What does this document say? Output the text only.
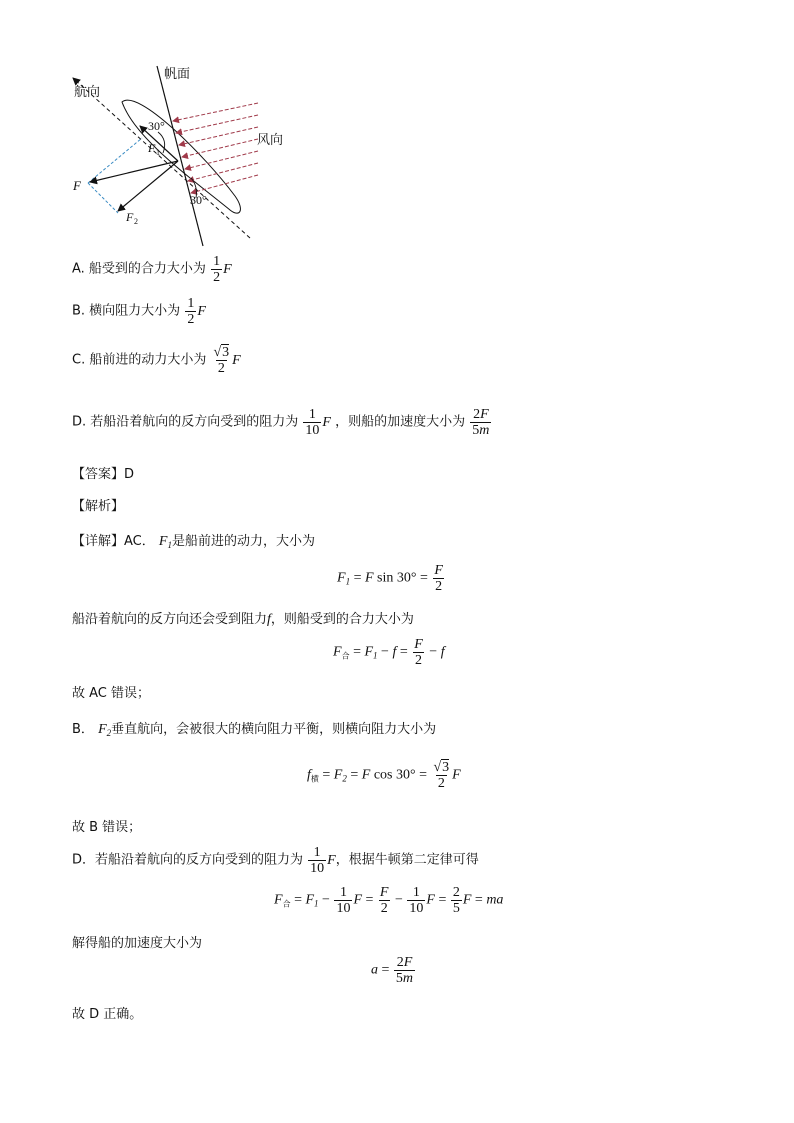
航向
帆面
风向
30°
30°
F
F 1
F 2
A. 船受到的合力大小为 $\frac{1}{2}$ F
B. 横向阻力大小为 $\frac{1}{2}$ F
C. 船前进的动力大小为 $\frac{√3}{2}$ F
D. 若船沿着航向的反方向受到的阻力为 $\frac{1}{10}$ F ，则船的加速度大小为 $\frac{2F}{5m}$
【答案】D
【解析】
【详解】AC． $F_1$是船前进的动力，大小为
$F_1 = F$ $\sin 30^\circ = \frac{F}{2}$
船沿着航向的反方向还会受到阻力f，则船受到的合力大小为
$F_合 = F_1 - f = \frac{F}{2} - f$
故 AC 错误；
B． $F_2$垂直航向，会被很大的横向阻力平衡，则横向阻力大小为
$f_横 = F_2 = F$ $\cos 30^\circ = \frac{√3}{2}$ F
故 B 错误；
D．若船沿着航向的反方向受到的阻力为 $\frac{1}{10}$ F，根据牛顿第二定律可得
$F_合 = F_1 - \frac{1}{10}$ $F = \frac{F}{2} - \frac{1}{10}$ $F = \frac{2}{5}$ F = ma
解得船的加速度大小为
$a = \frac{2F}{5m}$
故 D 正确。
